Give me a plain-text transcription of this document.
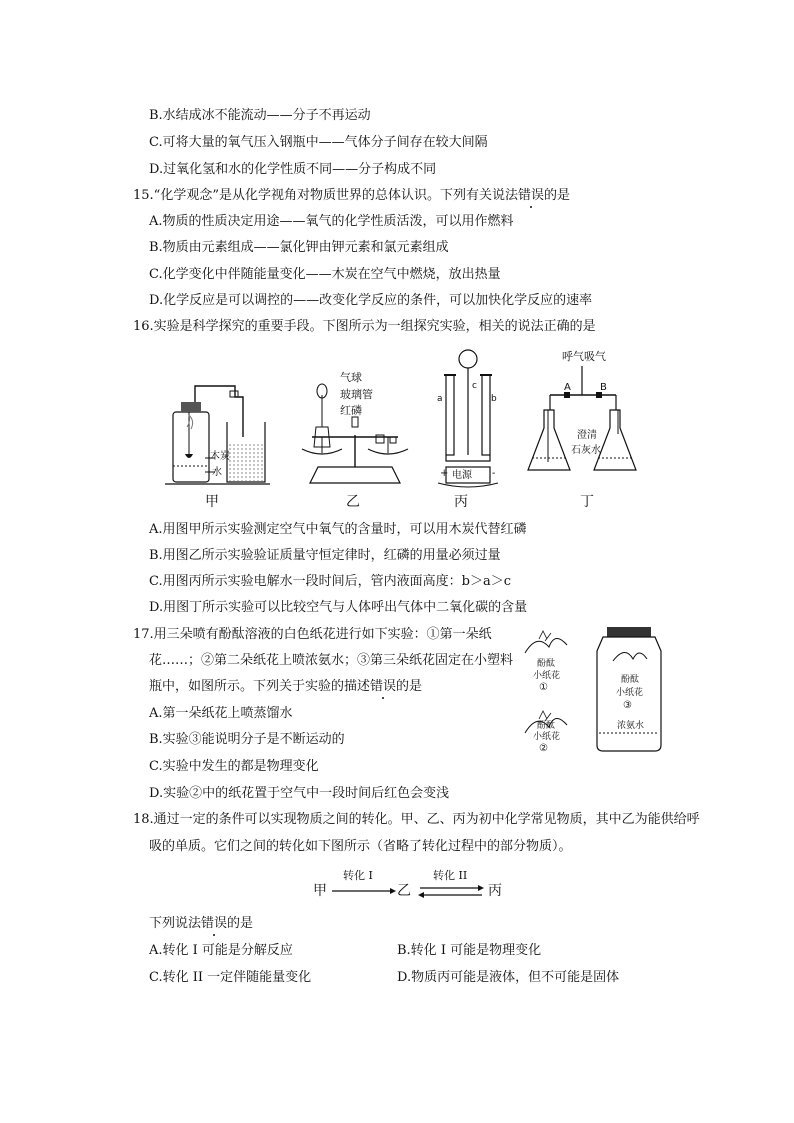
B.水结成冰不能流动——分子不再运动
C.可将大量的氧气压入钢瓶中——气体分子间存在较大间隔
D.过氧化氢和水的化学性质不同——分子构成不同
15.“化学观念”是从化学视角对物质世界的总体认识。下列有关说法错误的是
A.物质的性质决定用途——氧气的化学性质活泼，可以用作燃料
B.物质由元素组成——氯化钾由钾元素和氯元素组成
C.化学变化中伴随能量变化——木炭在空气中燃烧，放出热量
D.化学反应是可以调控的——改变化学反应的条件，可以加快化学反应的速率
16.实验是科学探究的重要手段。下图所示为一组探究实验，相关的说法正确的是
木炭
水
甲
气球
玻璃管
红磷
乙
a	b
c
电源
+	-
丙
呼气吸气
A	B
澄清
石灰水
丁
A.用图甲所示实验测定空气中氧气的含量时，可以用木炭代替红磷
B.用图乙所示实验验证质量守恒定律时，红磷的用量必须过量
C.用图丙所示实验电解水一段时间后，管内液面高度：b＞a＞c
D.用图丁所示实验可以比较空气与人体呼出气体中二氧化碳的含量
17.用三朵喷有酚酞溶液的白色纸花进行如下实验：①第一朵纸
花……；②第二朵纸花上喷浓氨水；③第三朵纸花固定在小塑料
瓶中，如图所示。下列关于实验的描述错误的是
A.第一朵纸花上喷蒸馏水
B.实验③能说明分子是不断运动的
C.实验中发生的都是物理变化
D.实验②中的纸花置于空气中一段时间后红色会变浅
酚酞
小纸花
①
酚酞
小纸花
②
酚酞
小纸花
③
浓氨水
18.通过一定的条件可以实现物质之间的转化。甲、乙、丙为初中化学常见物质，其中乙为能供给呼
吸的单质。它们之间的转化如下图所示（省略了转化过程中的部分物质）。
甲	乙	丙
转化 I	转化 II
下列说法错误的是
A.转化 I 可能是分解反应	B.转化 I 可能是物理变化
C.转化 II 一定伴随能量变化	D.物质丙可能是液体，但不可能是固体
